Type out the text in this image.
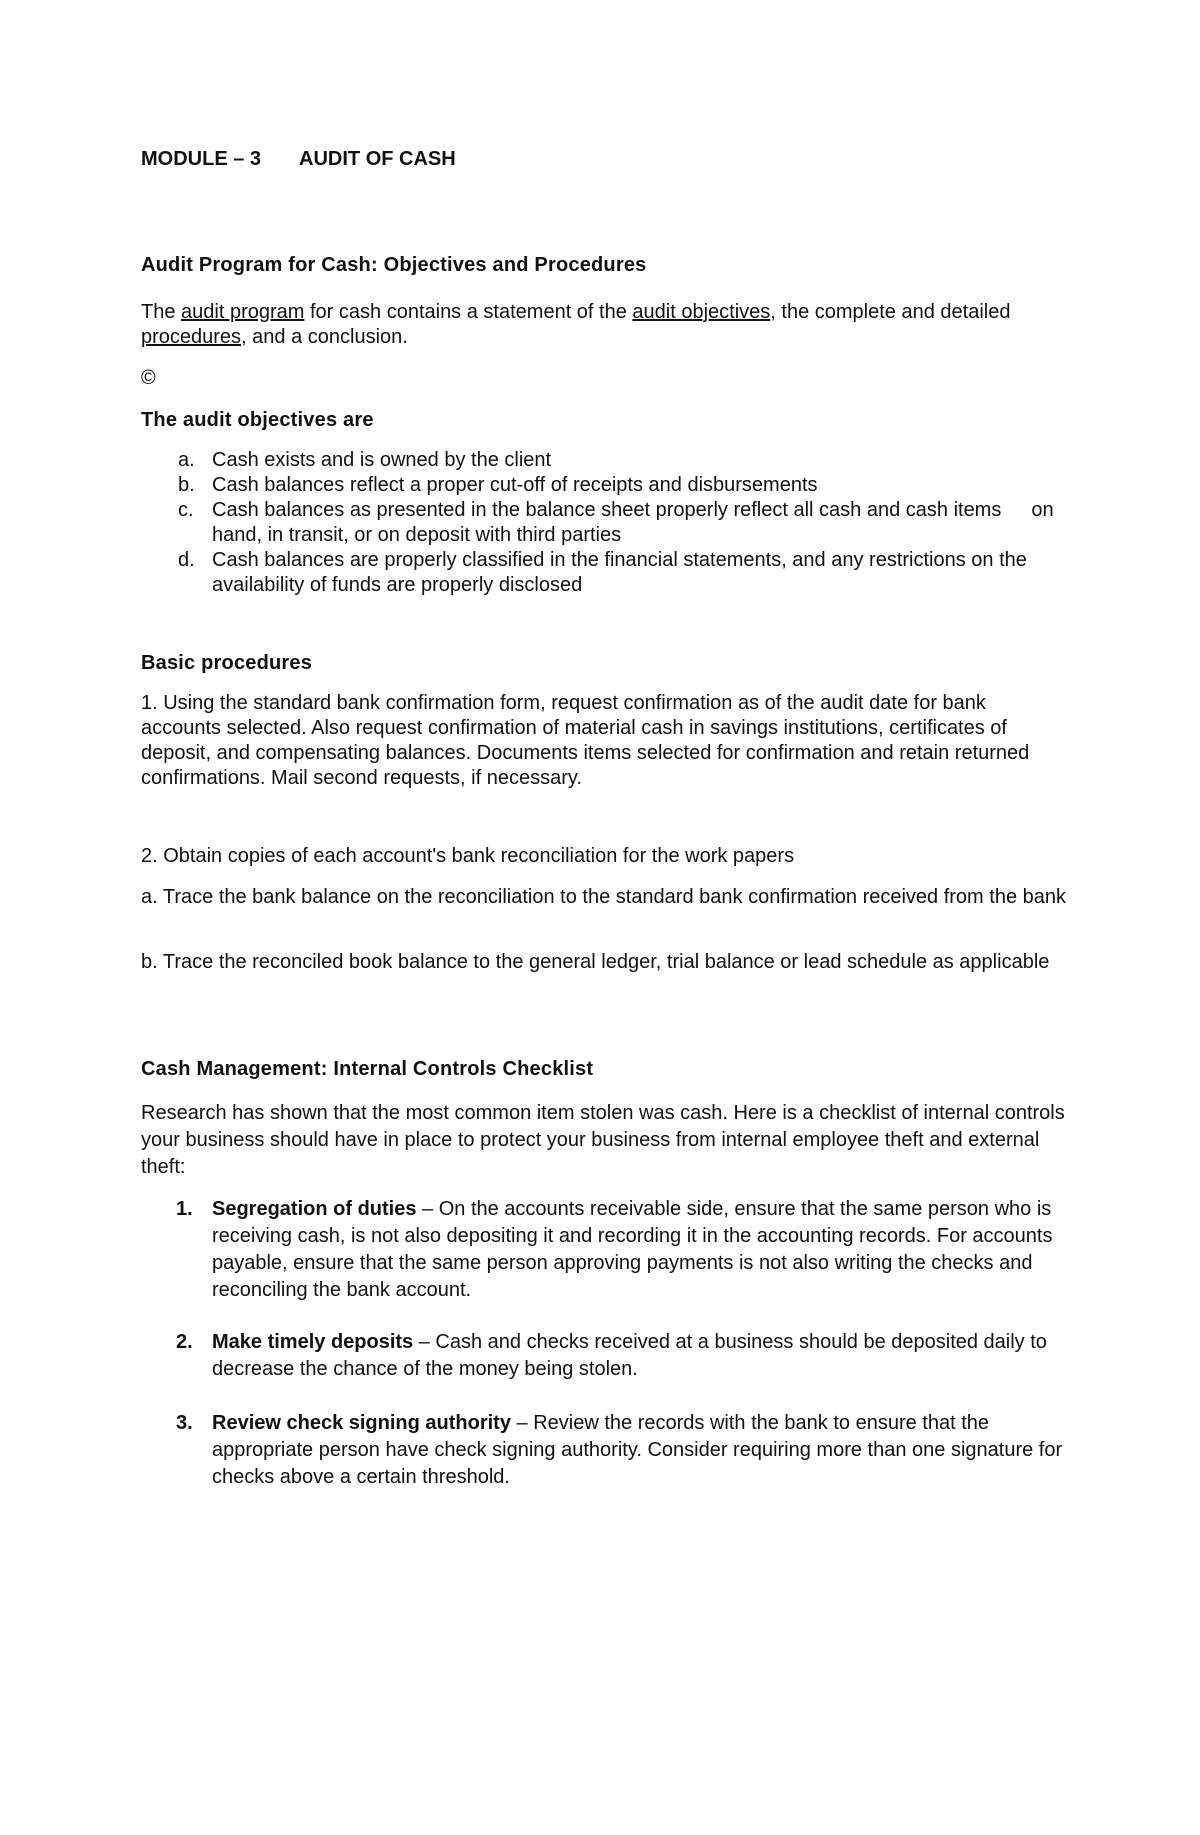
MODULE – 3 AUDIT OF CASH
Audit Program for Cash: Objectives and Procedures

The audit program for cash contains a statement of the audit objectives, the complete and detailed procedures, and a conclusion.

©
The audit objectives are
a. Cash exists and is owned by the client
b. Cash balances reflect a proper cut-off of receipts and disbursements
c. Cash balances as presented in the balance sheet properly reflect all cash and cash items on hand, in transit, or on deposit with third parties
d. Cash balances are properly classified in the financial statements, and any restrictions on the availability of funds are properly disclosed
Basic procedures

1. Using the standard bank confirmation form, request confirmation as of the audit date for bank accounts selected. Also request confirmation of material cash in savings institutions, certificates of deposit, and compensating balances. Documents items selected for confirmation and retain returned confirmations. Mail second requests, if necessary.

2. Obtain copies of each account's bank reconciliation for the work papers

a. Trace the bank balance on the reconciliation to the standard bank confirmation received from the bank

b. Trace the reconciled book balance to the general ledger, trial balance or lead schedule as applicable

Cash Management: Internal Controls Checklist

Research has shown that the most common item stolen was cash. Here is a checklist of internal controls your business should have in place to protect your business from internal employee theft and external theft:

1. Segregation of duties – On the accounts receivable side, ensure that the same person who is receiving cash, is not also depositing it and recording it in the accounting records. For accounts payable, ensure that the same person approving payments is not also writing the checks and reconciling the bank account.
2. Make timely deposits – Cash and checks received at a business should be deposited daily to decrease the chance of the money being stolen.
3. Review check signing authority – Review the records with the bank to ensure that the appropriate person have check signing authority. Consider requiring more than one signature for checks above a certain threshold.
